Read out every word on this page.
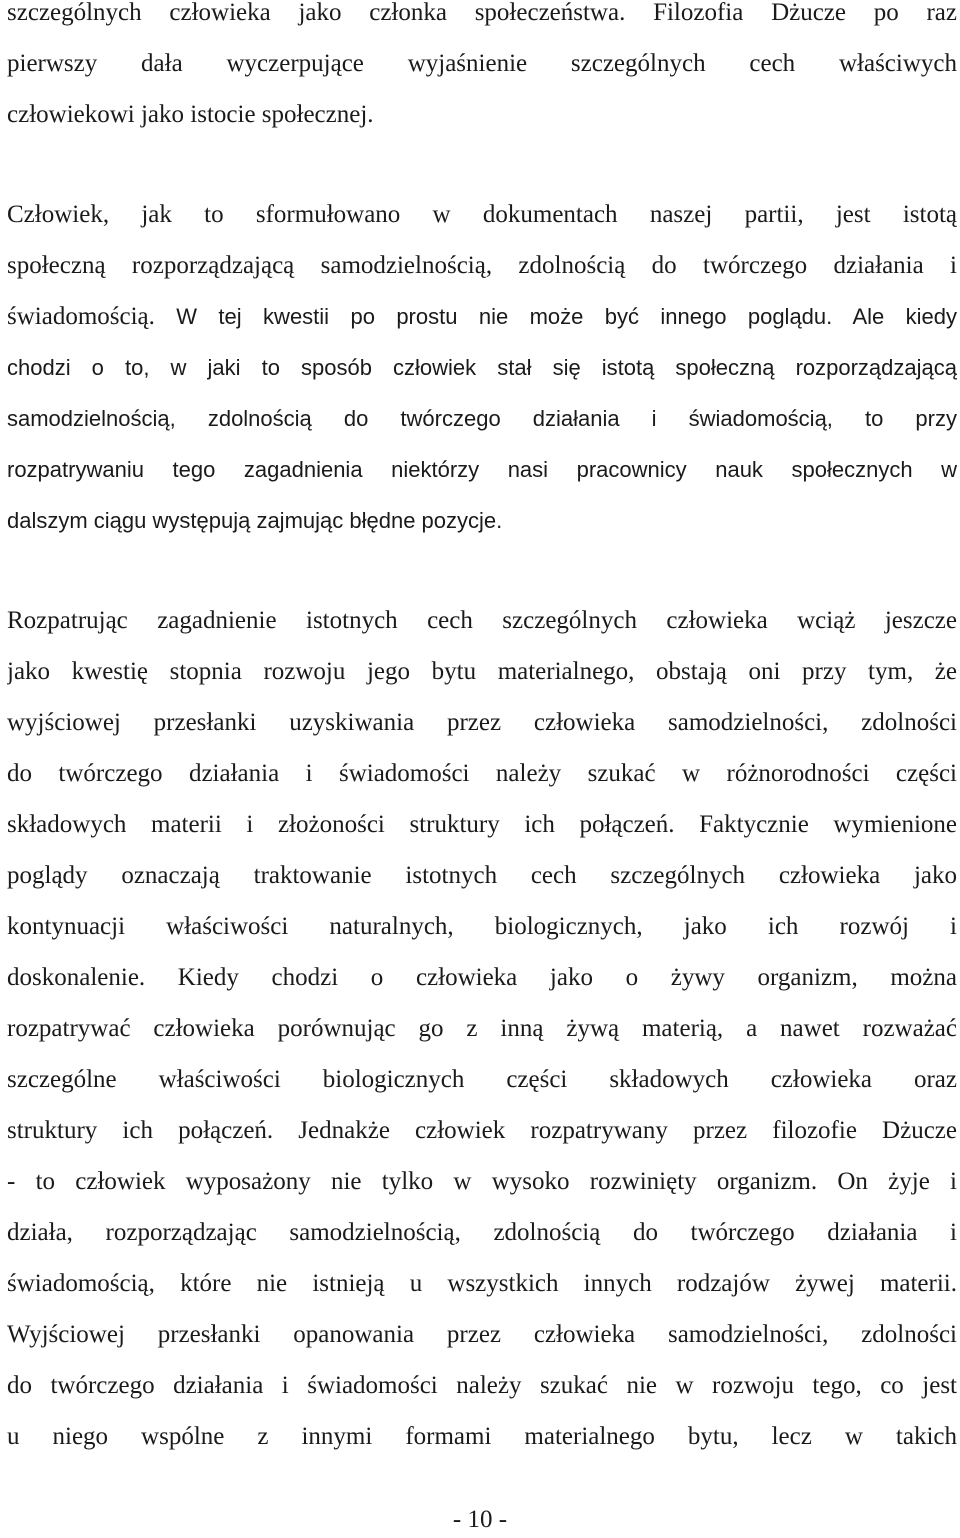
szczególnych człowieka jako członka społeczeństwa. Filozofia Dżucze po raz
pierwszy dała wyczerpujące wyjaśnienie szczególnych cech właściwych
człowiekowi jako istocie społecznej.
Człowiek, jak to sformułowano w dokumentach naszej partii, jest istotą
społeczną rozporządzającą samodzielnością, zdolnością do twórczego działania i
świadomością. W tej kwestii po prostu nie może być innego poglądu. Ale kiedy
chodzi o to, w jaki to sposób człowiek stał się istotą społeczną rozporządzającą
samodzielnością, zdolnością do twórczego działania i świadomością, to przy
rozpatrywaniu tego zagadnienia niektórzy nasi pracownicy nauk społecznych w
dalszym ciągu występują zajmując błędne pozycje.
Rozpatrując zagadnienie istotnych cech szczególnych człowieka wciąż jeszcze
jako kwestię stopnia rozwoju jego bytu materialnego, obstają oni przy tym, że
wyjściowej przesłanki uzyskiwania przez człowieka samodzielności, zdolności
do twórczego działania i świadomości należy szukać w różnorodności części
składowych materii i złożoności struktury ich połączeń. Faktycznie wymienione
poglądy oznaczają traktowanie istotnych cech szczególnych człowieka jako
kontynuacji właściwości naturalnych, biologicznych, jako ich rozwój i
doskonalenie. Kiedy chodzi o człowieka jako o żywy organizm, można
rozpatrywać człowieka porównując go z inną żywą materią, a nawet rozważać
szczególne właściwości biologicznych części składowych człowieka oraz
struktury ich połączeń. Jednakże człowiek rozpatrywany przez filozofie Dżucze
- to człowiek wyposażony nie tylko w wysoko rozwinięty organizm. On żyje i
działa, rozporządzając samodzielnością, zdolnością do twórczego działania i
świadomością, które nie istnieją u wszystkich innych rodzajów żywej materii.
Wyjściowej przesłanki opanowania przez człowieka samodzielności, zdolności
do twórczego działania i świadomości należy szukać nie w rozwoju tego, co jest
u niego wspólne z innymi formami materialnego bytu, lecz w takich
- 10 -
